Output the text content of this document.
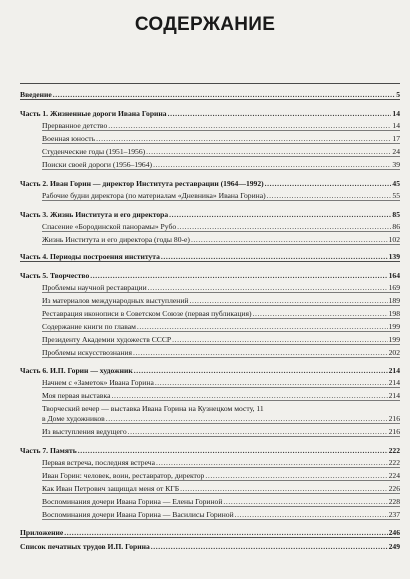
СОДЕРЖАНИЕ
Введение .....	5
Часть 1. Жизненные дороги Ивана Горина .....	14
Прерванное детство .....	14
Военная юность .....	17
Студенческие годы (1951–1956) .....	24
Поиски своей дороги (1956–1964) .....	39
Часть 2. Иван Горин — директор Института реставрации (1964—1992) .....	45
Рабочие будни директора (по материалам «Дневника» Ивана Горина) .....	55
Часть 3. Жизнь Института и его директора .....	85
Спасение «Бородинской панорамы» Рубо .....	86
Жизнь Института и его директора (годы 80-е) .....	102
Часть 4. Периоды построения института .....	139
Часть 5. Творчество .....	164
Проблемы научной реставрации .....	169
Из материалов международных выступлений .....	189
Реставрация иконописи в Советском Союзе (первая публикация) .....	198
Содержание книги по главам .....	199
Президенту Академии художеств СССР .....	199
Проблемы искусствознания .....	202
Часть 6. И.П. Горин — художник .....	214
Начнем с «Заметок» Ивана Горина .....	214
Моя первая выставка .....	214
Творческий вечер — выставка Ивана Горина на Кузнецком мосту, 11
в Доме художников .....	216
Из выступления ведущего .....	216
Часть 7. Память .....	222
Первая встреча, последняя встреча .....	222
Иван Горин: человек, воин, реставратор, директор .....	224
Как Иван Петрович защищал меня от КГБ .....	226
Воспоминания дочери Ивана Горина — Елены Гориной .....	228
Воспоминания дочери Ивана Горина — Василисы Гориной .....	237
Приложение .....	246
Список печатных трудов И.П. Горина .....	249
